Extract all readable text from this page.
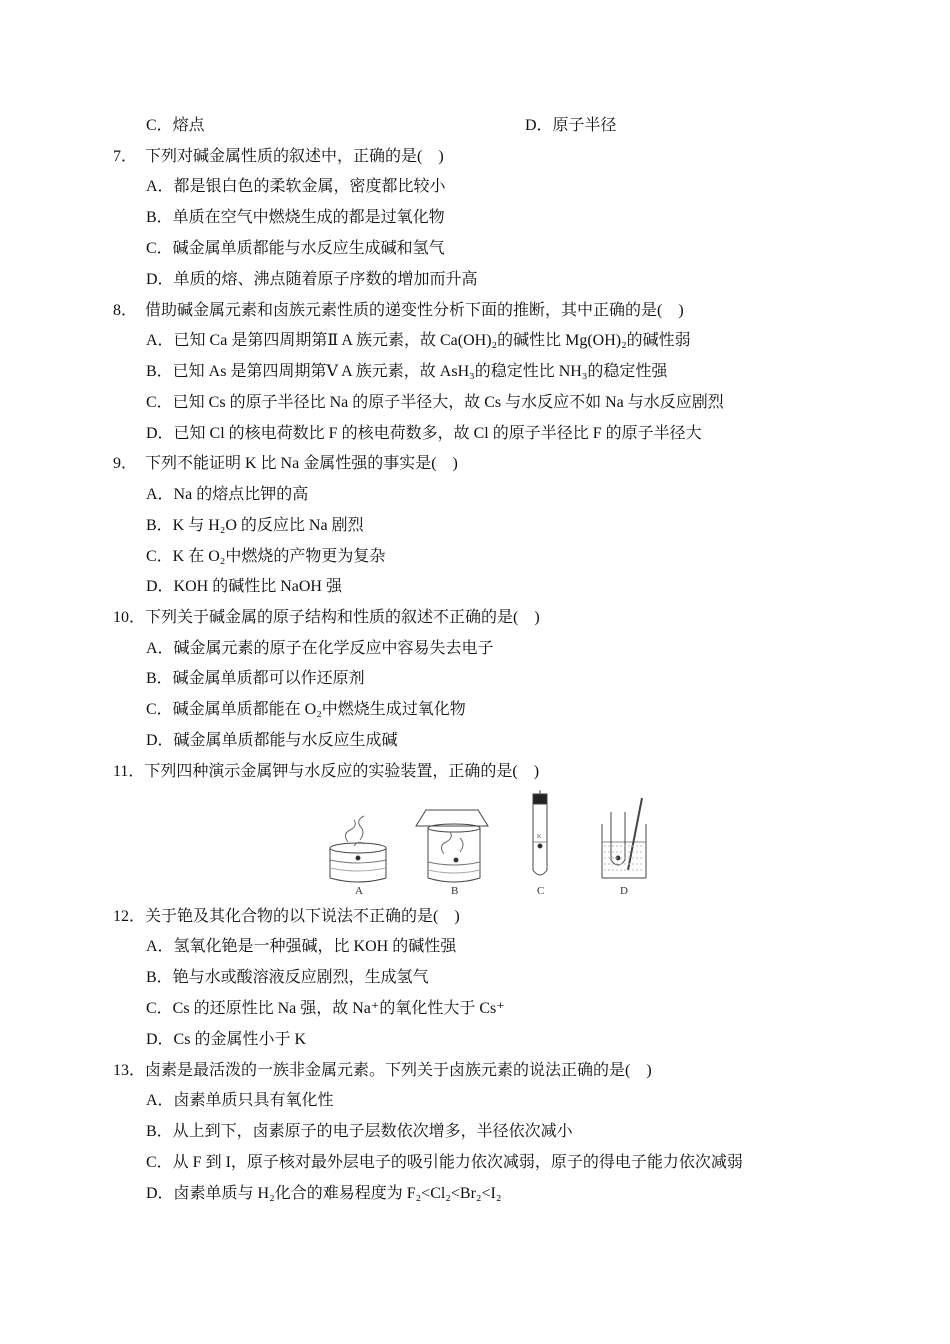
C．熔点	D．原子半径
7．　下列对碱金属性质的叙述中，正确的是(　)
A．都是银白色的柔软金属，密度都比较小
B．单质在空气中燃烧生成的都是过氧化物
C．碱金属单质都能与水反应生成碱和氢气
D．单质的熔、沸点随着原子序数的增加而升高
8．　借助碱金属元素和卤族元素性质的递变性分析下面的推断，其中正确的是(　)
A．已知 Ca 是第四周期第Ⅱ A 族元素，故 Ca(OH)₂的碱性比 Mg(OH)₂的碱性弱
B．已知 As 是第四周期第Ⅴ A 族元素，故 AsH₃的稳定性比 NH₃的稳定性强
C．已知 Cs 的原子半径比 Na 的原子半径大，故 Cs 与水反应不如 Na 与水反应剧烈
D．已知 Cl 的核电荷数比 F 的核电荷数多，故 Cl 的原子半径比 F 的原子半径大
9．　下列不能证明 K 比 Na 金属性强的事实是(　)
A．Na 的熔点比钾的高
B．K 与 H₂O 的反应比 Na 剧烈
C．K 在 O₂中燃烧的产物更为复杂
D．KOH 的碱性比 NaOH 强
10．下列关于碱金属的原子结构和性质的叙述不正确的是(　)
A．碱金属元素的原子在化学反应中容易失去电子
B．碱金属单质都可以作还原剂
C．碱金属单质都能在 O₂中燃烧生成过氧化物
D．碱金属单质都能与水反应生成碱
11．下列四种演示金属钾与水反应的实验装置，正确的是(　)
A	B
K
C	D
12．关于铯及其化合物的以下说法不正确的是(　)
A．氢氧化铯是一种强碱，比 KOH 的碱性强
B．铯与水或酸溶液反应剧烈，生成氢气
C．Cs 的还原性比 Na 强，故 Na⁺的氧化性大于 Cs⁺
D．Cs 的金属性小于 K
13．卤素是最活泼的一族非金属元素。下列关于卤族元素的说法正确的是(　)
A．卤素单质只具有氧化性
B．从上到下，卤素原子的电子层数依次增多，半径依次减小
C．从 F 到 I，原子核对最外层电子的吸引能力依次减弱，原子的得电子能力依次减弱
D．卤素单质与 H₂化合的难易程度为 F₂<Cl₂<Br₂<I₂
